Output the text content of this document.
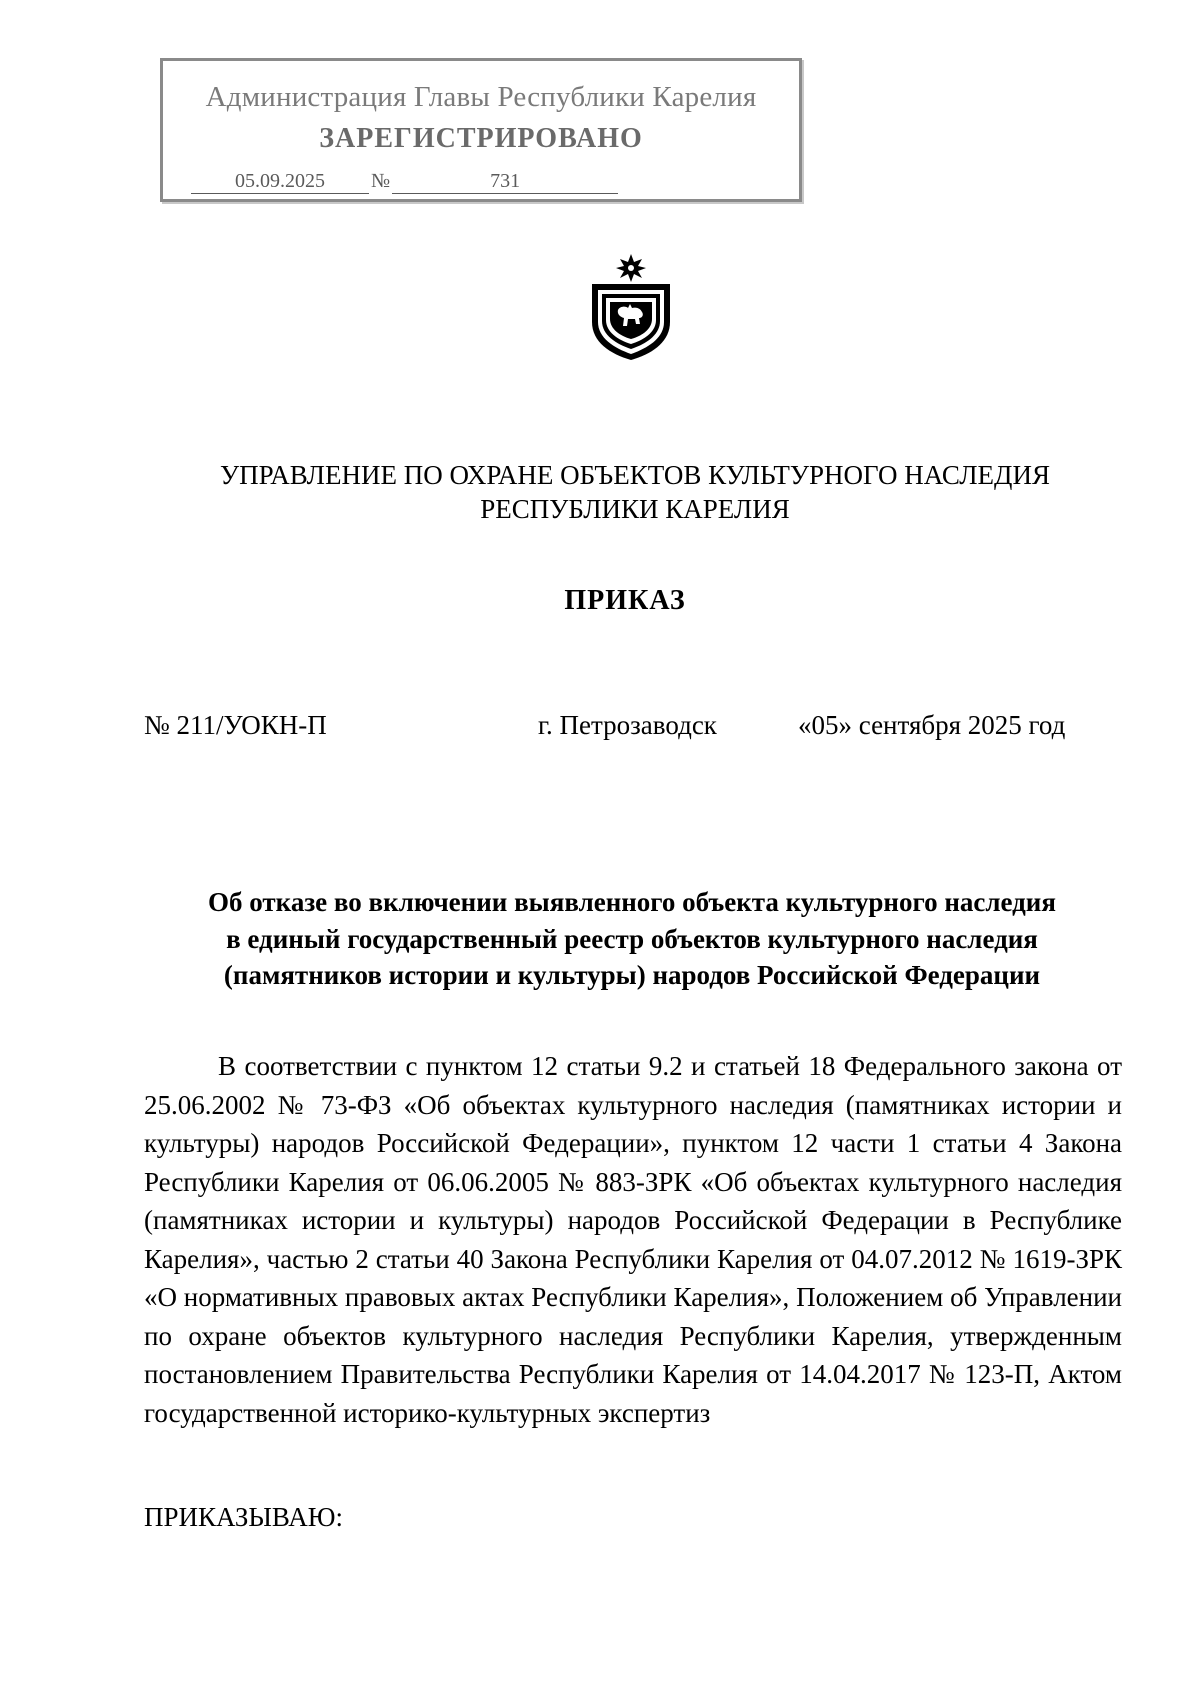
Администрация Главы Республики Карелия
ЗАРЕГИСТРИРОВАНО
05.09.2025 №	731
УПРАВЛЕНИЕ ПО ОХРАНЕ ОБЪЕКТОВ КУЛЬТУРНОГО НАСЛЕДИЯ
РЕСПУБЛИКИ КАРЕЛИЯ
ПРИКАЗ
№ 211/УОКН-П	г. Петрозаводск	«05» сентября 2025 год
Об отказе во включении выявленного объекта культурного наследия
в единый государственный реестр объектов культурного наследия
(памятников истории и культуры) народов Российской Федерации
В соответствии с пунктом 12 статьи 9.2 и статьей 18 Федерального закона от 25.06.2002 № 73-ФЗ «Об объектах культурного наследия (памятниках истории и культуры) народов Российской Федерации», пунктом 12 части 1 статьи 4 Закона Республики Карелия от 06.06.2005 № 883-ЗРК «Об объектах культурного наследия (памятниках истории и культуры) народов Российской Федерации в Республике Карелия», частью 2 статьи 40 Закона Республики Карелия от 04.07.2012 № 1619-ЗРК «О нормативных правовых актах Республики Карелия», Положением об Управлении по охране объектов культурного наследия Республики Карелия, утвержденным постановлением Правительства Республики Карелия от 14.04.2017 № 123-П, Актом государственной историко-культурных экспертиз
ПРИКАЗЫВАЮ:
